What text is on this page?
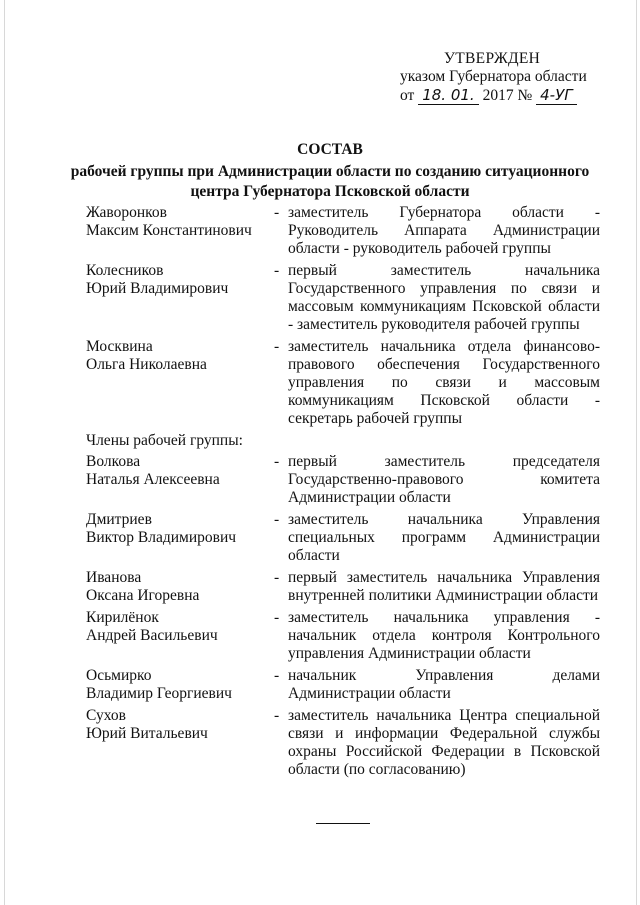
УТВЕРЖДЕН
указом Губернатора области
от 18. 01. 2017 № 4-УГ
СОСТАВ
рабочей группы при Администрации области по созданию ситуационного центра Губернатора Псковской области
Жаворонков
Максим Константинович
- заместитель Губернатора области - Руководитель Аппарата Администрации области - руководитель рабочей группы
Колесников
Юрий Владимирович
- первый заместитель начальника Государственного управления по связи и массовым коммуникациям Псковской области - заместитель руководителя рабочей группы
Москвина
Ольга Николаевна
- заместитель начальника отдела финансово-правового обеспечения Государственного управления по связи и массовым коммуникациям Псковской области - секретарь рабочей группы
Члены рабочей группы:
Волкова
Наталья Алексеевна
- первый заместитель председателя Государственно-правового комитета Администрации области
Дмитриев
Виктор Владимирович
- заместитель начальника Управления специальных программ Администрации области
Иванова
Оксана Игоревна
- первый заместитель начальника Управления внутренней политики Администрации области
Кирилёнок
Андрей Васильевич
- заместитель начальника управления - начальник отдела контроля Контрольного управления Администрации области
Осьмирко
Владимир Георгиевич
- начальник Управления делами Администрации области
Сухов
Юрий Витальевич
- заместитель начальника Центра специальной связи и информации Федеральной службы охраны Российской Федерации в Псковской области (по согласованию)
